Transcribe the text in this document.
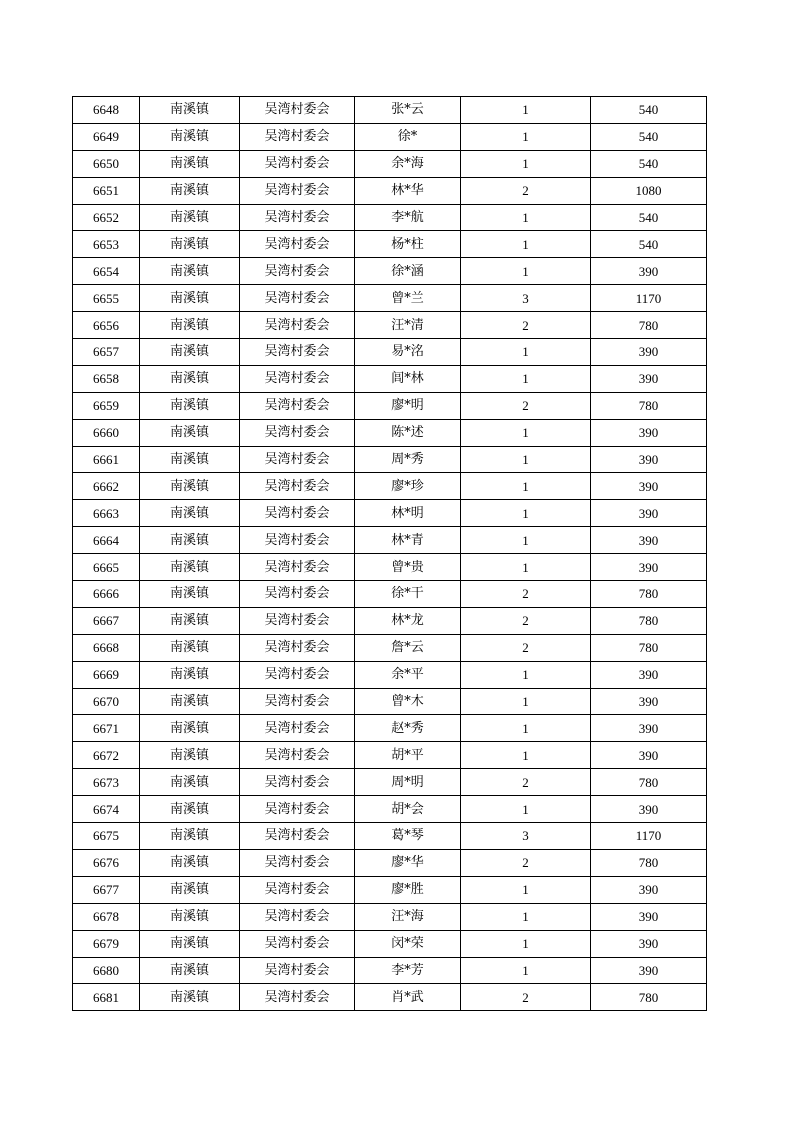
6648	南溪镇	吴湾村委会	张*云	1	540
6649	南溪镇	吴湾村委会	徐*	1	540
6650	南溪镇	吴湾村委会	余*海	1	540
6651	南溪镇	吴湾村委会	林*华	2	1080
6652	南溪镇	吴湾村委会	李*航	1	540
6653	南溪镇	吴湾村委会	杨*柱	1	540
6654	南溪镇	吴湾村委会	徐*涵	1	390
6655	南溪镇	吴湾村委会	曾*兰	3	1170
6656	南溪镇	吴湾村委会	汪*清	2	780
6657	南溪镇	吴湾村委会	易*洺	1	390
6658	南溪镇	吴湾村委会	闾*林	1	390
6659	南溪镇	吴湾村委会	廖*明	2	780
6660	南溪镇	吴湾村委会	陈*述	1	390
6661	南溪镇	吴湾村委会	周*秀	1	390
6662	南溪镇	吴湾村委会	廖*珍	1	390
6663	南溪镇	吴湾村委会	林*明	1	390
6664	南溪镇	吴湾村委会	林*青	1	390
6665	南溪镇	吴湾村委会	曾*贵	1	390
6666	南溪镇	吴湾村委会	徐*干	2	780
6667	南溪镇	吴湾村委会	林*龙	2	780
6668	南溪镇	吴湾村委会	詹*云	2	780
6669	南溪镇	吴湾村委会	余*平	1	390
6670	南溪镇	吴湾村委会	曾*木	1	390
6671	南溪镇	吴湾村委会	赵*秀	1	390
6672	南溪镇	吴湾村委会	胡*平	1	390
6673	南溪镇	吴湾村委会	周*明	2	780
6674	南溪镇	吴湾村委会	胡*会	1	390
6675	南溪镇	吴湾村委会	葛*琴	3	1170
6676	南溪镇	吴湾村委会	廖*华	2	780
6677	南溪镇	吴湾村委会	廖*胜	1	390
6678	南溪镇	吴湾村委会	汪*海	1	390
6679	南溪镇	吴湾村委会	闵*荣	1	390
6680	南溪镇	吴湾村委会	李*芳	1	390
6681	南溪镇	吴湾村委会	肖*武	2	780
